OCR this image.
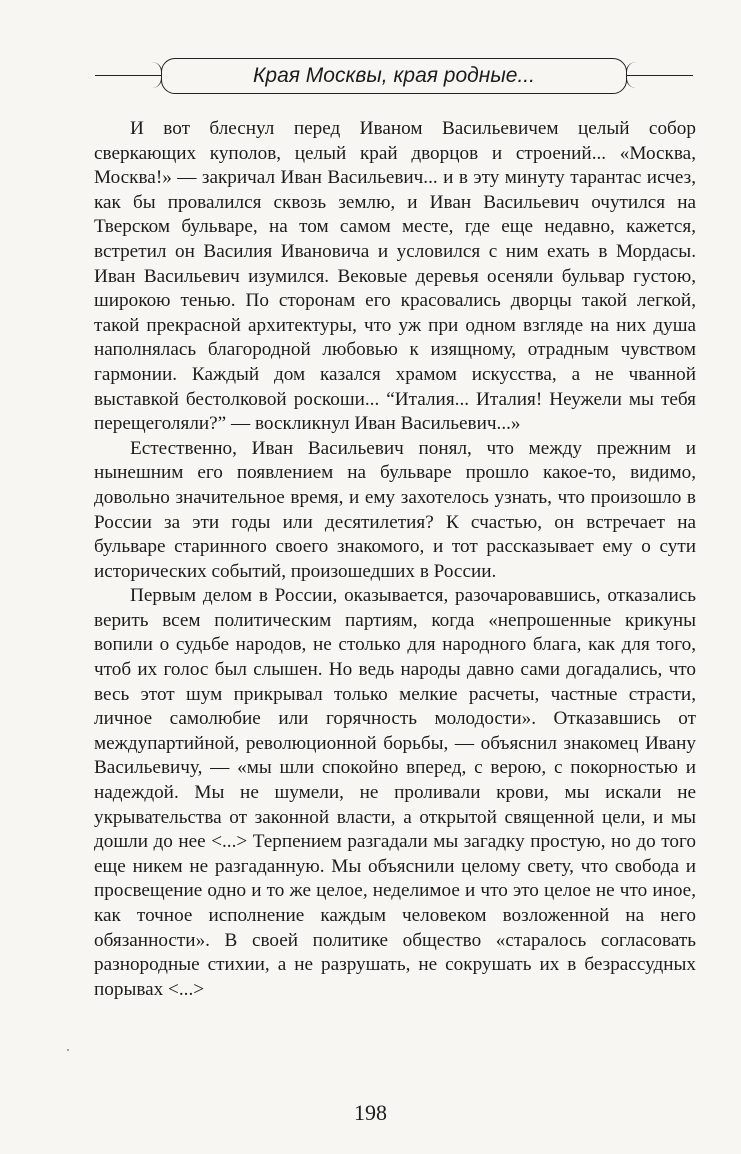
Края Москвы, края родные...

И вот блеснул перед Иваном Васильевичем целый собор сверкающих куполов, целый край дворцов и строений... «Москва, Москва!» — закричал Иван Васильевич... и в эту минуту тарантас исчез, как бы провалился сквозь землю, и Иван Васильевич очутился на Тверском бульваре, на том самом месте, где еще недавно, кажется, встретил он Василия Ивановича и условился с ним ехать в Мордасы. Иван Васильевич изумился. Вековые деревья осеняли бульвар густою, широкою тенью. По сторонам его красовались дворцы такой легкой, такой прекрасной архитектуры, что уж при одном взгляде на них душа наполнялась благородной любовью к изящному, отрадным чувством гармонии. Каждый дом казался храмом искусства, а не чванной выставкой бестолковой роскоши... “Италия... Италия! Неужели мы тебя перещеголяли?” — воскликнул Иван Васильевич...»

Естественно, Иван Васильевич понял, что между прежним и нынешним его появлением на бульваре прошло какое-то, видимо, довольно значительное время, и ему захотелось узнать, что произошло в России за эти годы или десятилетия? К счастью, он встречает на бульваре старинного своего знакомого, и тот рассказывает ему о сути исторических событий, произошедших в России.

Первым делом в России, оказывается, разочаровавшись, отказались верить всем политическим партиям, когда «непрошенные крикуны вопили о судьбе народов, не столько для народного блага, как для того, чтоб их голос был слышен. Но ведь народы давно сами догадались, что весь этот шум прикрывал только мелкие расчеты, частные страсти, личное самолюбие или горячность молодости». Отказавшись от междупартийной, революционной борьбы, — объяснил знакомец Ивану Васильевичу, — «мы шли спокойно вперед, с верою, с покорностью и надеждой. Мы не шумели, не проливали крови, мы искали не укрывательства от законной власти, а открытой священной цели, и мы дошли до нее <...> Терпением разгадали мы загадку простую, но до того еще никем не разгаданную. Мы объяснили целому свету, что свобода и просвещение одно и то же целое, неделимое и что это целое не что иное, как точное исполнение каждым человеком возложенной на него обязанности». В своей политике общество «старалось согласовать разнородные стихии, а не разрушать, не сокрушать их в безрассудных порывах <...>

198
